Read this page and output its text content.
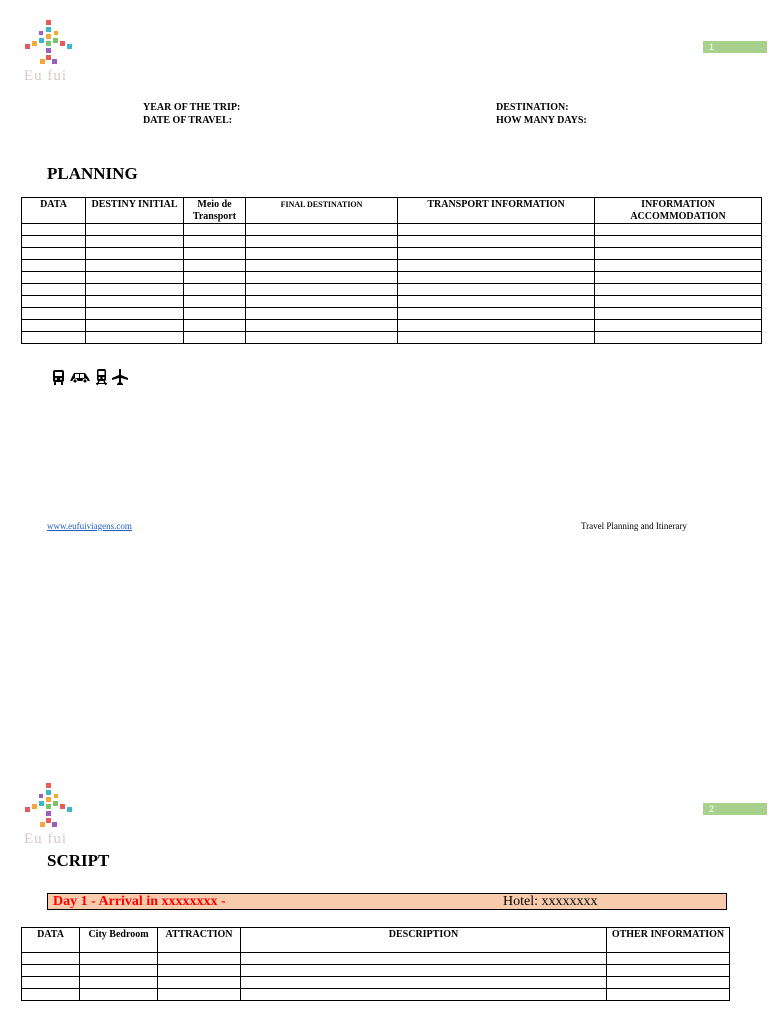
Eu fui
1
YEAR OF THE TRIP:
DATE OF TRAVEL:
DESTINATION:
HOW MANY DAYS:
PLANNING
DATA	DESTINY INITIAL	Meio de Transport	FINAL DESTINATION	TRANSPORT INFORMATION	INFORMATION ACCOMMODATION

www.eufuiviagens.com	Travel Planning and Itinerary
Eu fui
2
SCRIPT
Day 1 - Arrival in xxxxxxxx -	Hotel: xxxxxxxx
DATA	City Bedroom	ATTRACTION	DESCRIPTION	OTHER INFORMATION
